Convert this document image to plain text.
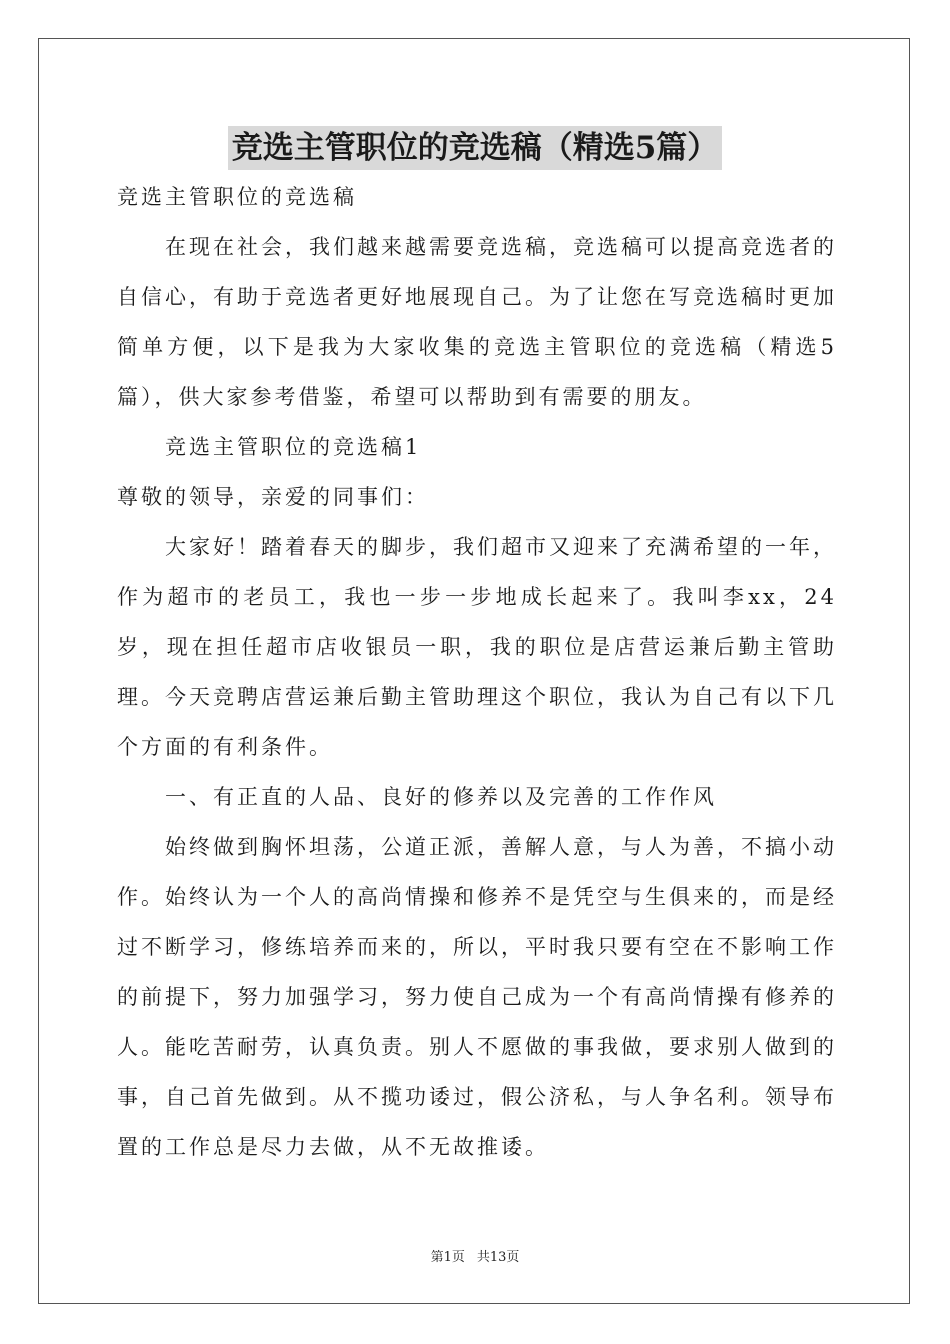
竞选主管职位的竞选稿（精选5篇）

竞选主管职位的竞选稿

在现在社会，我们越来越需要竞选稿，竞选稿可以提高竞选者的自信心，有助于竞选者更好地展现自己。为了让您在写竞选稿时更加简单方便，以下是我为大家收集的竞选主管职位的竞选稿（精选5篇），供大家参考借鉴，希望可以帮助到有需要的朋友。

竞选主管职位的竞选稿1

尊敬的领导，亲爱的同事们：

大家好！踏着春天的脚步，我们超市又迎来了充满希望的一年，作为超市的老员工，我也一步一步地成长起来了。我叫李xx，24岁，现在担任超市店收银员一职，我的职位是店营运兼后勤主管助理。今天竞聘店营运兼后勤主管助理这个职位，我认为自己有以下几个方面的有利条件。

一、有正直的人品、良好的修养以及完善的工作作风

始终做到胸怀坦荡，公道正派，善解人意，与人为善，不搞小动作。始终认为一个人的高尚情操和修养不是凭空与生俱来的，而是经过不断学习，修练培养而来的，所以，平时我只要有空在不影响工作的前提下，努力加强学习，努力使自己成为一个有高尚情操有修养的人。能吃苦耐劳，认真负责。别人不愿做的事我做，要求别人做到的事，自己首先做到。从不揽功诿过，假公济私，与人争名利。领导布置的工作总是尽力去做，从不无故推诿。

第1页 共13页
